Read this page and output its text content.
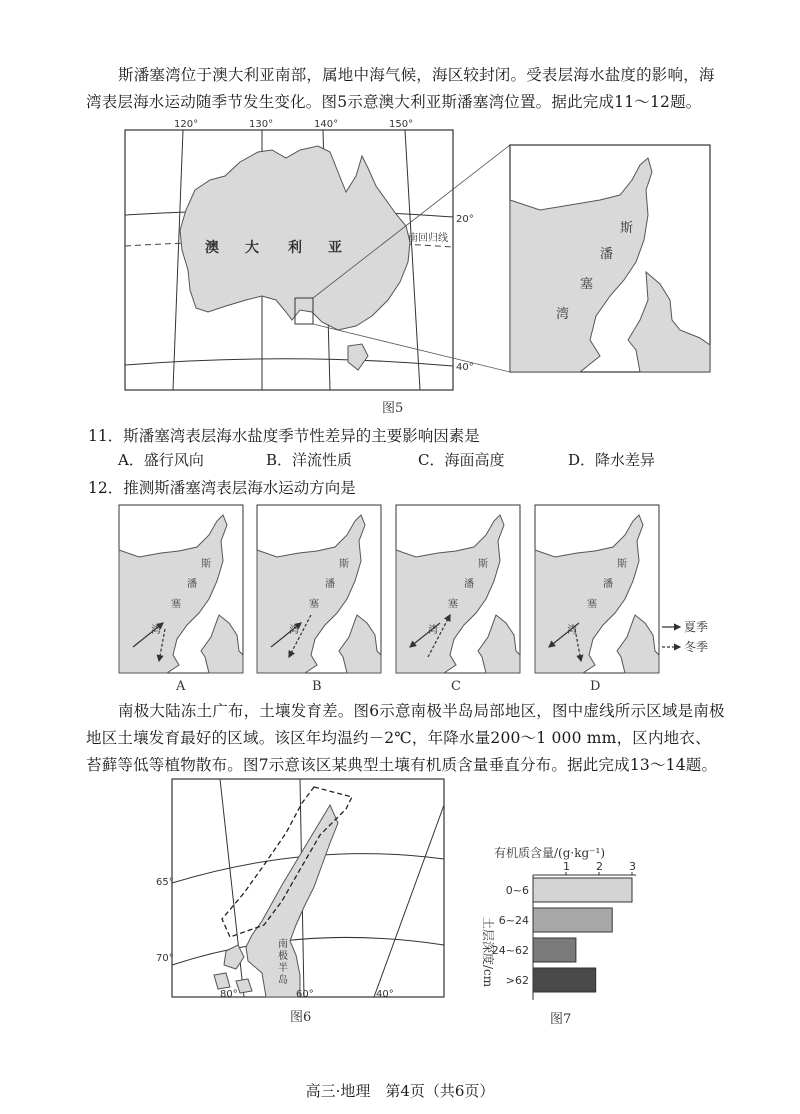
斯潘塞湾位于澳大利亚南部，属地中海气候，海区较封闭。受表层海水盐度的影响，海湾表层海水运动随季节发生变化。图5示意澳大利亚斯潘塞湾位置。据此完成11～12题。

斯
潘
塞
湾
120°	130°	140°	150°
20°
40°
澳 大 利 亚
南回归线
图5
11．斯潘塞湾表层海水盐度季节性差异的主要影响因素是
A．盛行风向	B．洋流性质	C．海面高度	D．降水差异
12．推测斯潘塞湾表层海水运动方向是
斯
潘
塞
湾
A
斯
潘
塞
湾
B
斯
潘
塞
湾
C
斯
潘
塞
湾
D
夏季
冬季

南极大陆冻土广布，土壤发育差。图6示意南极半岛局部地区，图中虚线所示区域是南极地区土壤发育最好的区域。该区年均温约－2℃，年降水量200～1 000 mm，区内地衣、苔藓等低等植物散布。图7示意该区某典型土壤有机质含量垂直分布。据此完成13～14题。

65°
70°
80°	60°	40°
南
极
半
岛
图6
有机质含量/(g·kg⁻¹)
土层深度/cm
图7
1 2 3
0~6
6~24
24~62
>62
高三·地理　第4页（共6页）
